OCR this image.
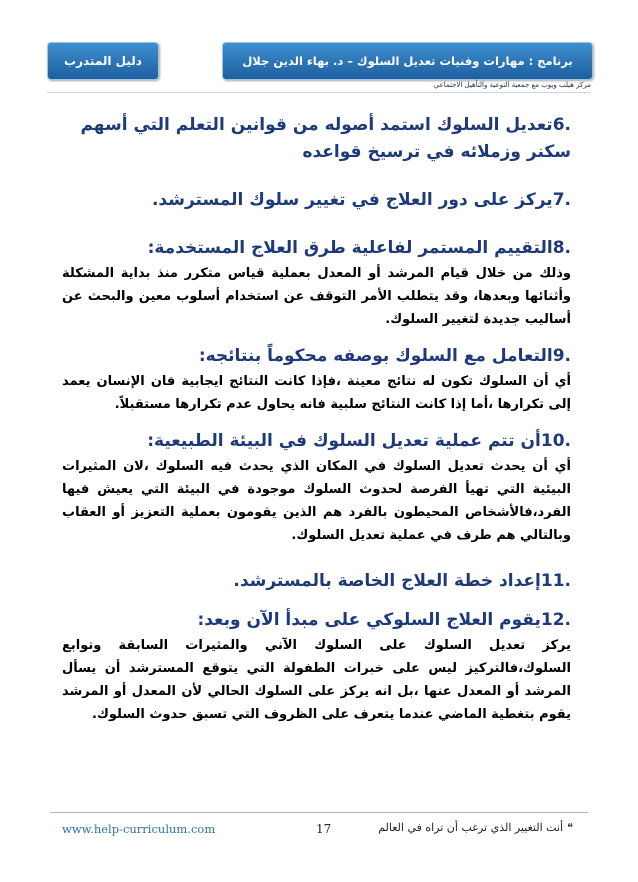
دليل المتدرب	برنامج : مهارات وفنيات تعديل السلوك – د. بهاء الدين جلال
مركز هيلب ويوب مع جمعية التوعية والتأهيل الاجتماعي

6.تعديل السلوك استمد أصوله من قوانين التعلم التي أسهم سكنر وزملائه في ترسيخ قواعده

7.يركز على دور العلاج في تغيير سلوك المسترشد.

8.التقييم المستمر لفاعلية طرق العلاج المستخدمة:

وذلك من خلال قيام المرشد أو المعدل بعملية قياس متكرر منذ بداية المشكلة وأثنائها وبعدها، وقد يتطلب الأمر التوقف عن استخدام أسلوب معين والبحث عن أساليب جديدة لتغيير السلوك.

9.التعامل مع السلوك بوصفه محكوماً بنتائجه:

أي أن السلوك تكون له نتائج معينة ،فإذا كانت النتائج ايجابية فان الإنسان يعمد إلى تكرارها ،أما إذا كانت النتائج سلبية فانه يحاول عدم تكرارها مستقبلاً.

10.أن تتم عملية تعديل السلوك في البيئة الطبيعية:

أي أن يحدث تعديل السلوك في المكان الذي يحدث فيه السلوك ،لان المثيرات البيئية التي تهيأ الفرصة لحدوث السلوك موجودة في البيئة التي يعيش فيها الفرد،فالأشخاص المحيطون بالفرد هم الذين يقومون بعملية التعزيز أو العقاب وبالتالي هم طرف في عملية تعديل السلوك.

11.إعداد خطة العلاج الخاصة بالمسترشد.

12.يقوم العلاج السلوكي على مبدأ الآن وبعد:

يركز تعديل السلوك على السلوك الآني والمثيرات السابقة وتوابع السلوك،فالتركيز ليس على خبرات الطفولة التي يتوقع المسترشد أن يسأل المرشد أو المعدل عنها ،بل انه يركز على السلوك الحالي لأن المعدل أو المرشد يقوم بتغطية الماضي عندما يتعرف على الظروف التي تسبق حدوث السلوك.

www.help-curriculum.com	17	❝أنت التغيير الذي ترغب أن تراه في العالم
